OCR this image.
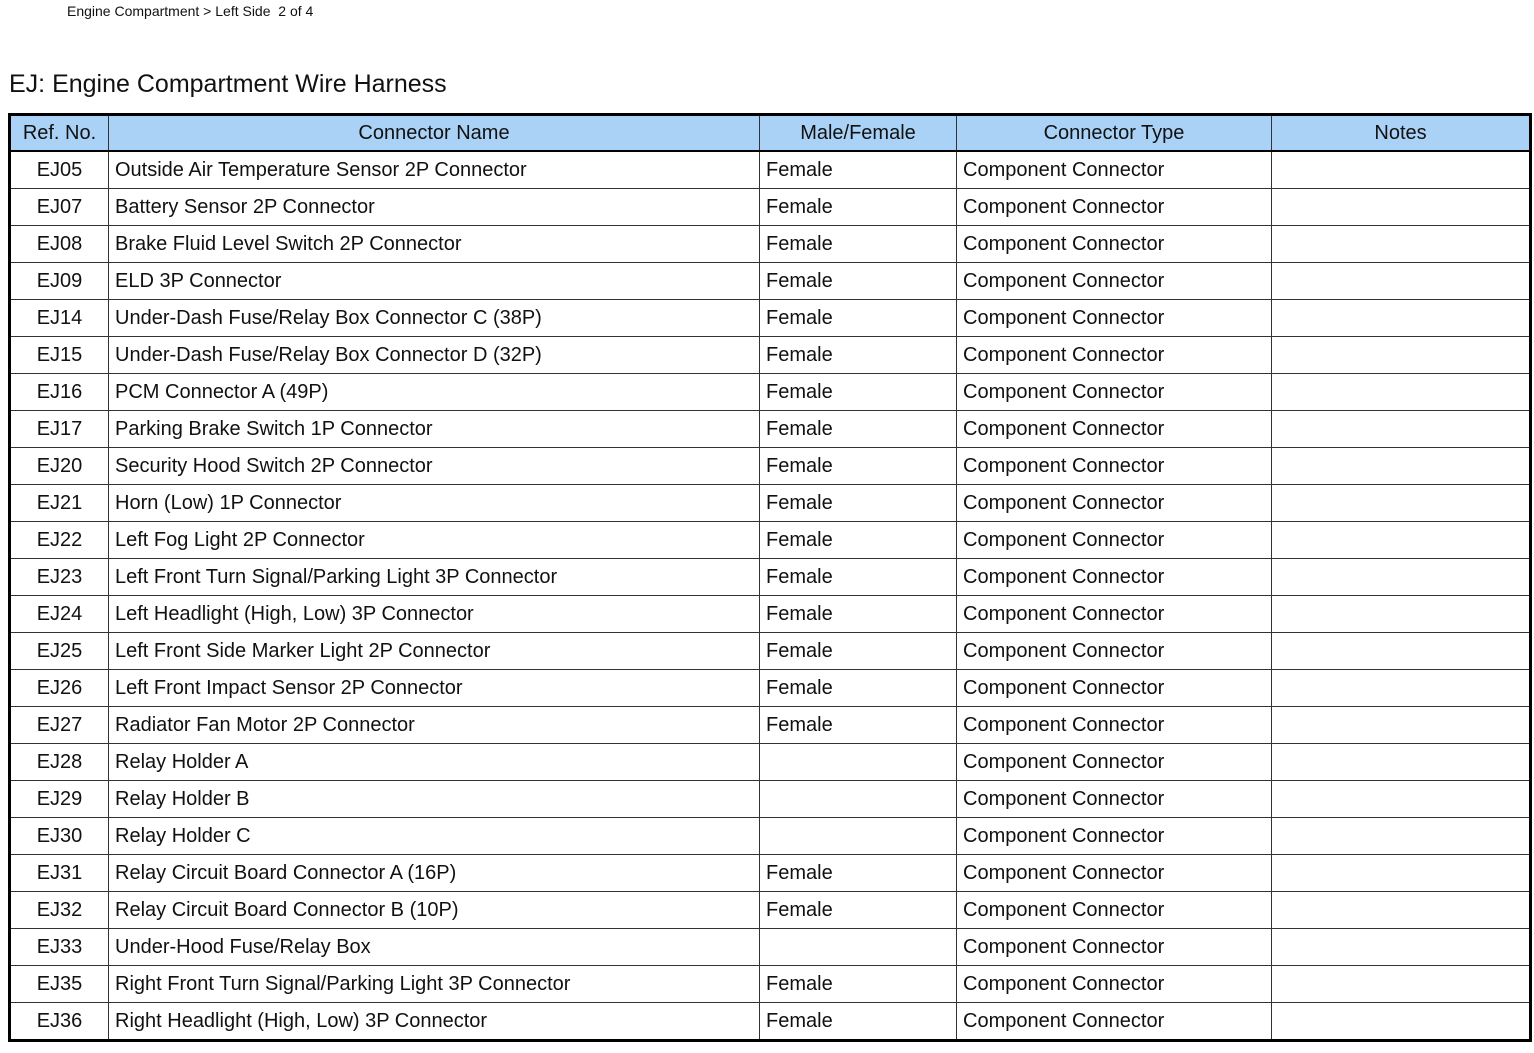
Engine Compartment > Left Side  2 of 4
EJ: Engine Compartment Wire Harness
Ref. No.	Connector Name	Male/Female	Connector Type	Notes
EJ05	Outside Air Temperature Sensor 2P Connector	Female	Component Connector	
EJ07	Battery Sensor 2P Connector	Female	Component Connector	
EJ08	Brake Fluid Level Switch 2P Connector	Female	Component Connector	
EJ09	ELD 3P Connector	Female	Component Connector	
EJ14	Under-Dash Fuse/Relay Box Connector C (38P)	Female	Component Connector	
EJ15	Under-Dash Fuse/Relay Box Connector D (32P)	Female	Component Connector	
EJ16	PCM Connector A (49P)	Female	Component Connector	
EJ17	Parking Brake Switch 1P Connector	Female	Component Connector	
EJ20	Security Hood Switch 2P Connector	Female	Component Connector	
EJ21	Horn (Low) 1P Connector	Female	Component Connector	
EJ22	Left Fog Light 2P Connector	Female	Component Connector	
EJ23	Left Front Turn Signal/Parking Light 3P Connector	Female	Component Connector	
EJ24	Left Headlight (High, Low) 3P Connector	Female	Component Connector	
EJ25	Left Front Side Marker Light 2P Connector	Female	Component Connector	
EJ26	Left Front Impact Sensor 2P Connector	Female	Component Connector	
EJ27	Radiator Fan Motor 2P Connector	Female	Component Connector	
EJ28	Relay Holder A		Component Connector	
EJ29	Relay Holder B		Component Connector	
EJ30	Relay Holder C		Component Connector	
EJ31	Relay Circuit Board Connector A (16P)	Female	Component Connector	
EJ32	Relay Circuit Board Connector B (10P)	Female	Component Connector	
EJ33	Under-Hood Fuse/Relay Box		Component Connector	
EJ35	Right Front Turn Signal/Parking Light 3P Connector	Female	Component Connector	
EJ36	Right Headlight (High, Low) 3P Connector	Female	Component Connector	
